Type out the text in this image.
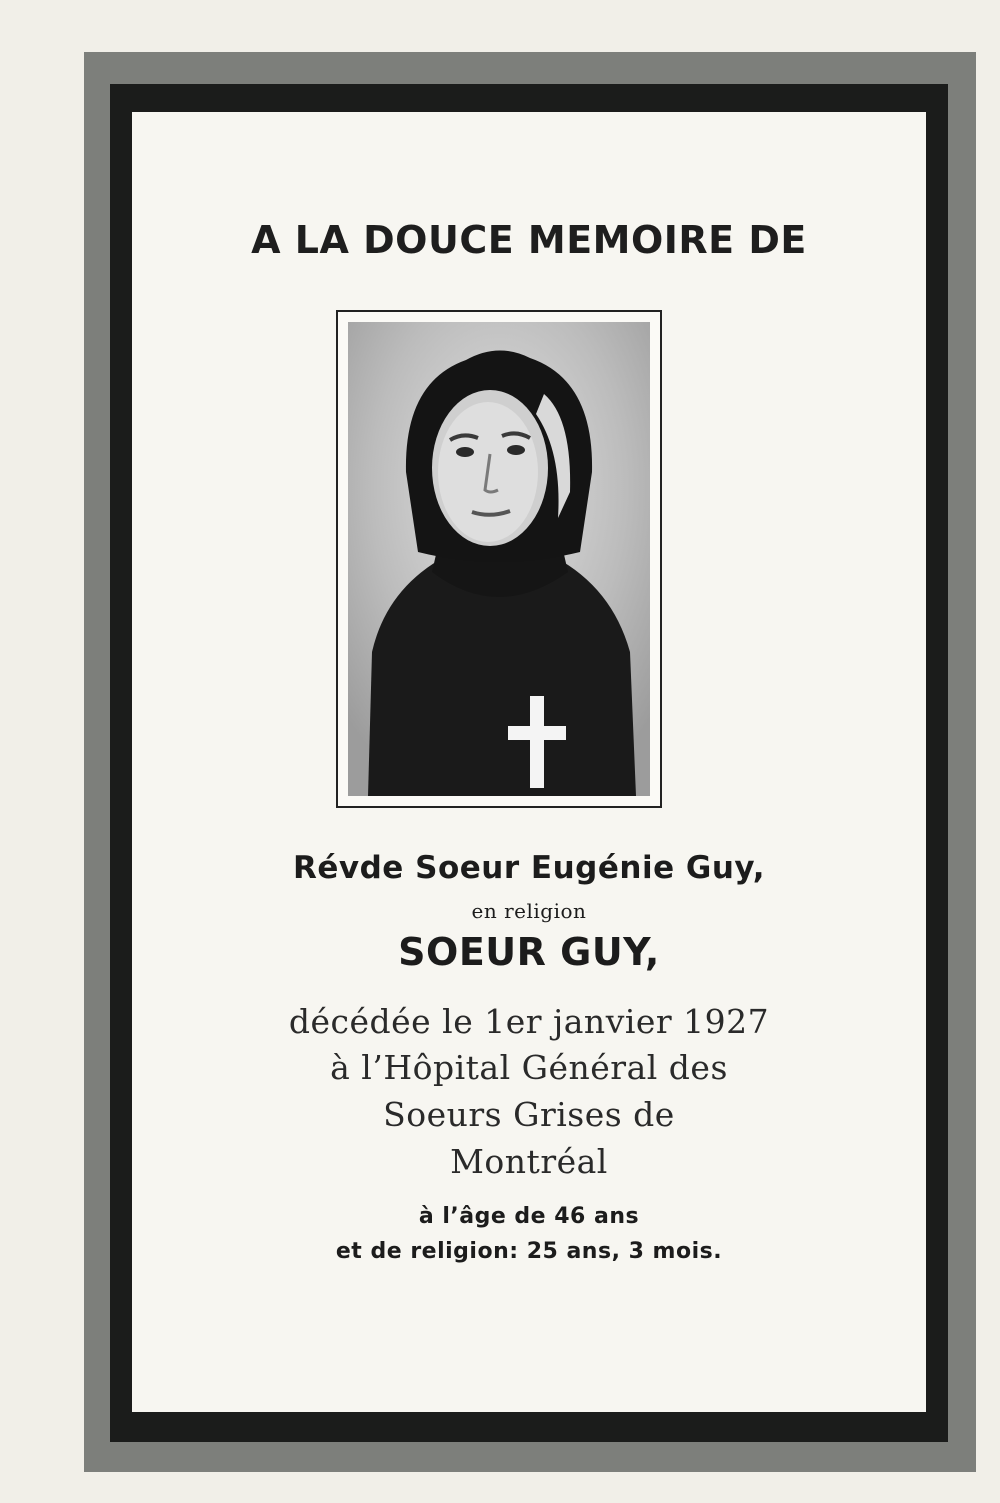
A LA DOUCE MEMOIRE DE
Révde Soeur Eugénie Guy,
en religion
SOEUR GUY,
décédée le 1er janvier 1927
à l’Hôpital Général des
Soeurs Grises de
Montréal
à l’âge de 46 ans
et de religion: 25 ans, 3 mois.
